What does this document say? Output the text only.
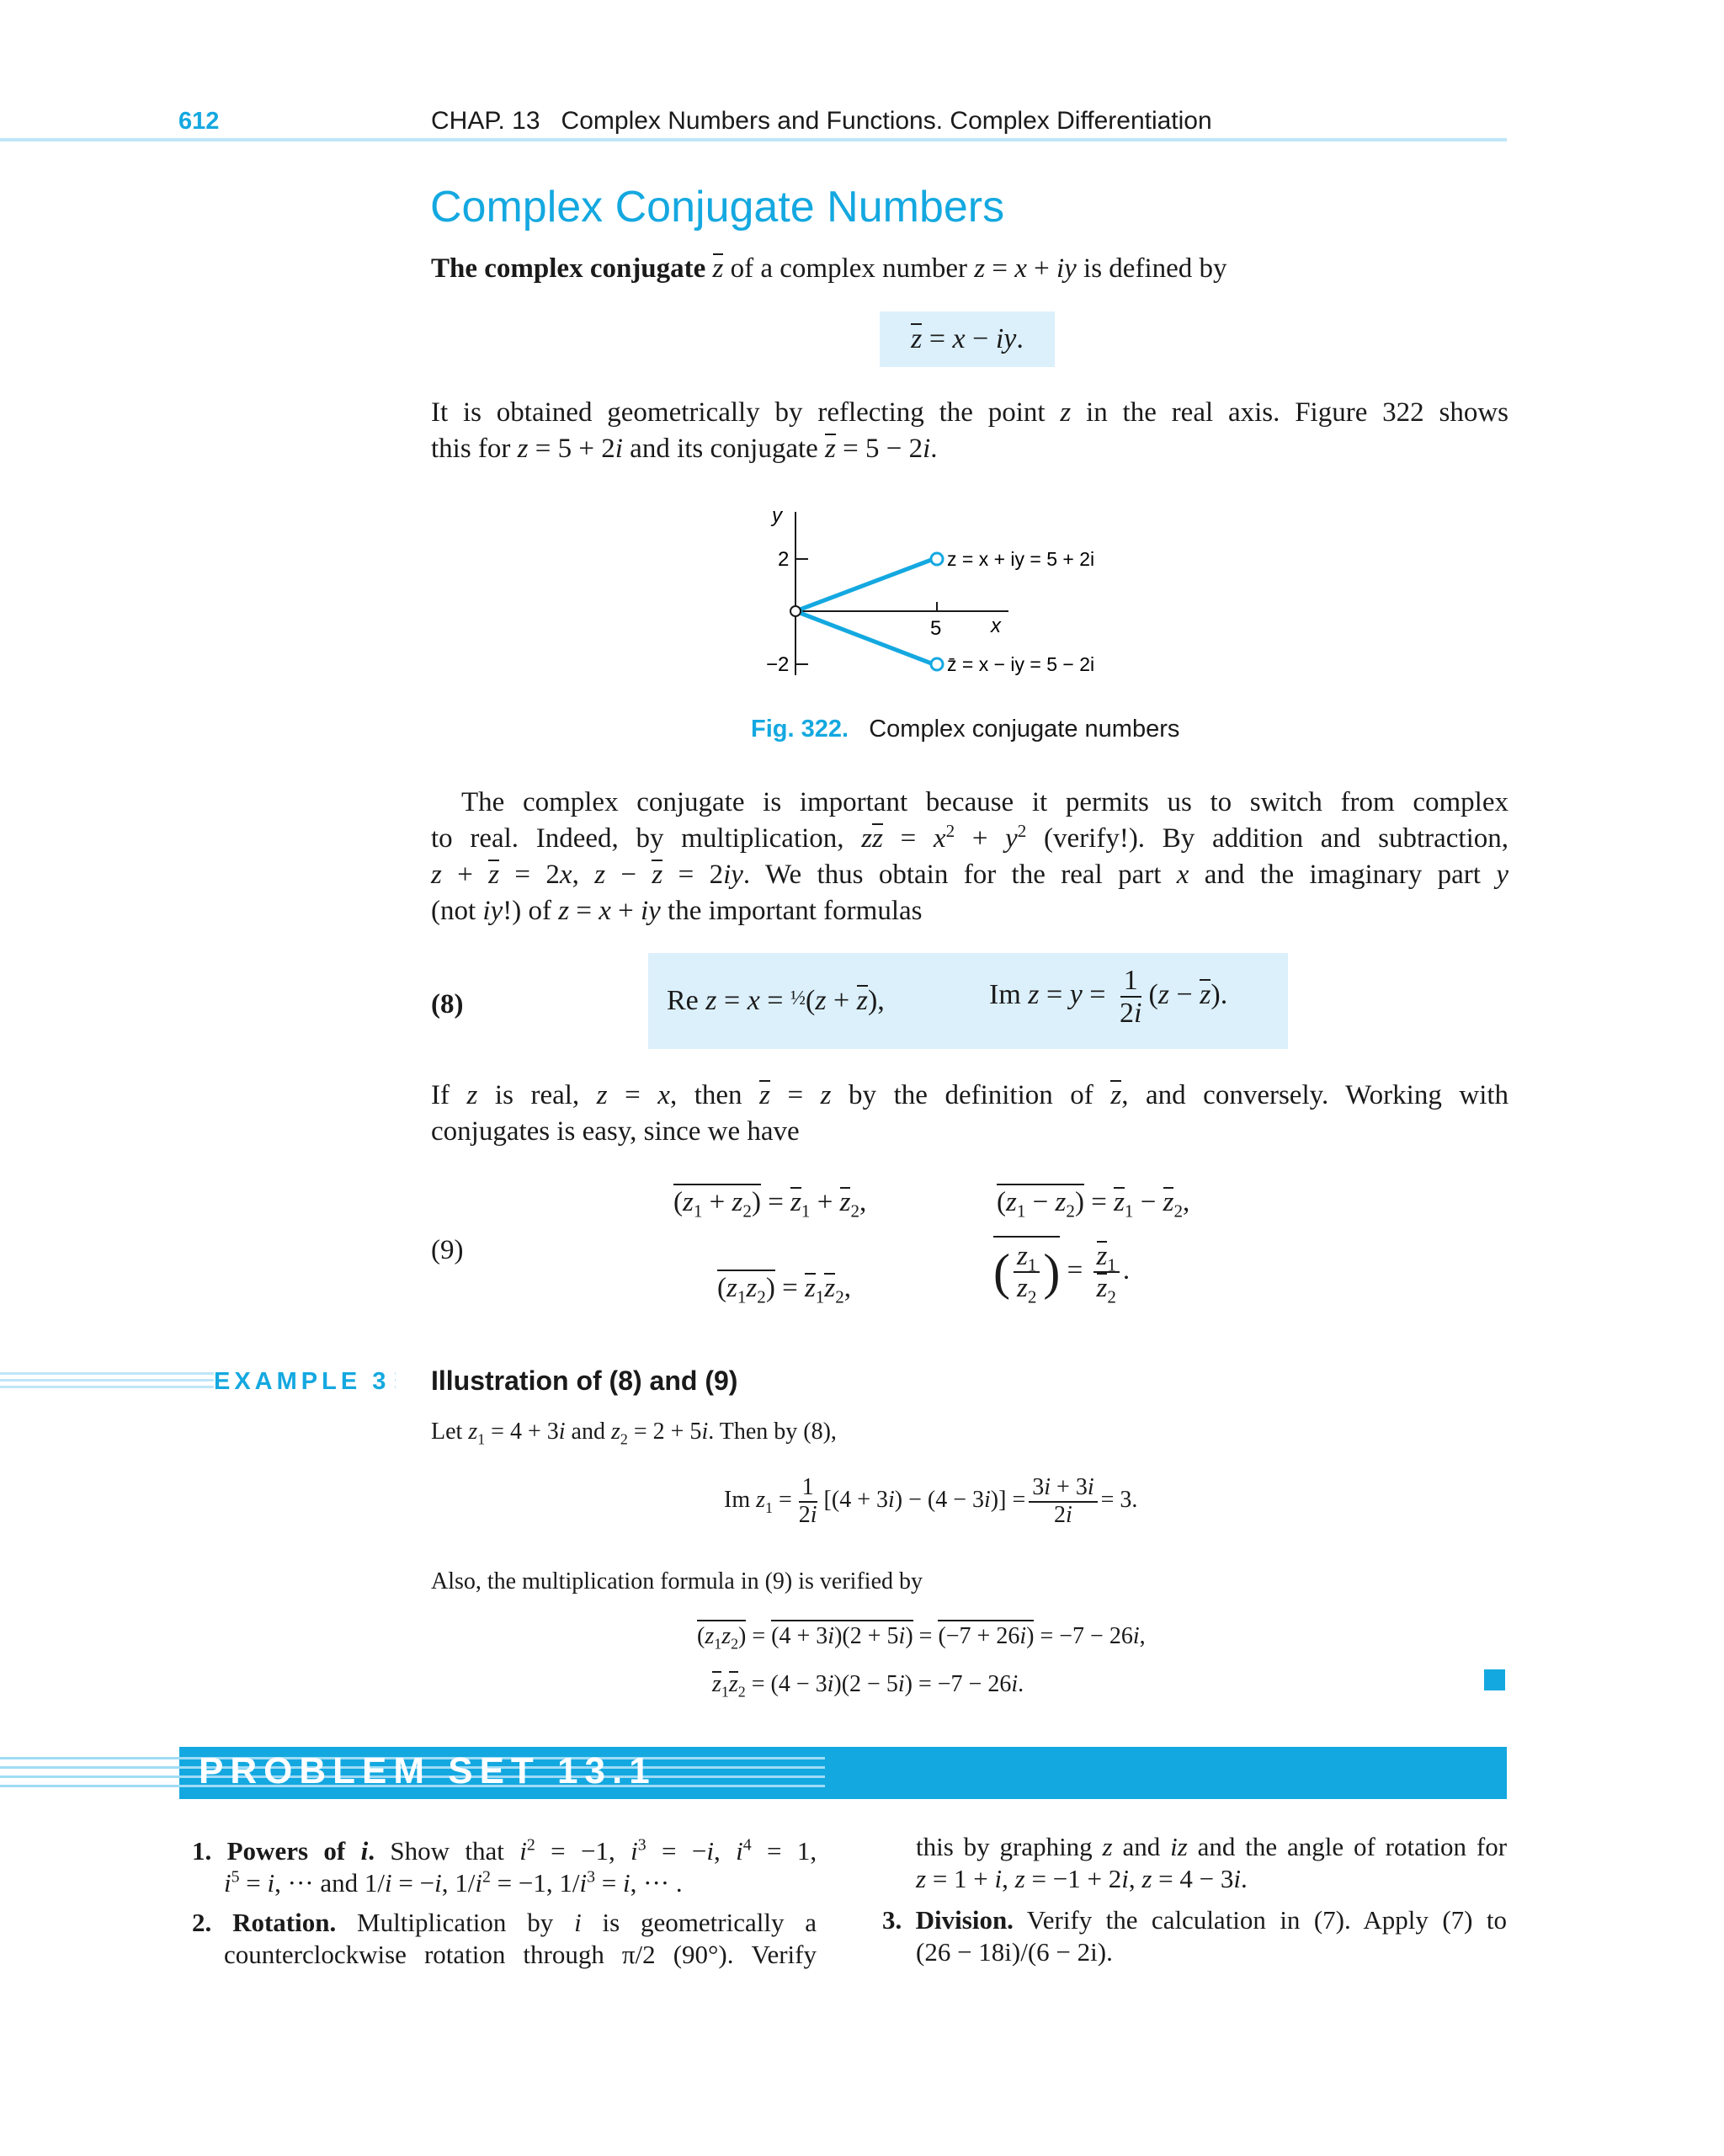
612	CHAP. 13 Complex Numbers and Functions. Complex Differentiation
Complex Conjugate Numbers
The complex conjugate z of a complex number z = x + iy is defined by
z = x − iy.
It is obtained geometrically by reflecting the point z in the real axis. Figure 322 shows
this for z = 5 + 2i and its conjugate z = 5 − 2i.
y
2
−2
5 x
z = x + iy = 5 + 2i
z̄ = x − iy = 5 − 2i
Fig. 322. Complex conjugate numbers
The complex conjugate is important because it permits us to switch from complex
to real. Indeed, by multiplication, zz = $x^2 + y^2$ (verify!). By addition and subtraction,
z + z = 2x, z − z = 2iy. We thus obtain for the real part x and the imaginary part y
(not iy!) of z = x + iy the important formulas
(8)	Re z = x = ½(z + z),	Im $z = y = \frac{1}{2i} (z - z)$.
If z is real, z = x, then z = z by the definition of z, and conversely. Working with
conjugates is easy, since we have
(9)
$(z_1 + z_2) = z_1 + z_2$,	$(z_1 - z_2) = z_1 - z_2$,
$(z_1z_2) = z_1z_2$,	( $\frac{z_1}{z_2}$ ) = $\frac{z_1}{z_2}$ .
EXAMPLE 3 Illustration of (8) and (9)
Let $z_1 = 4 + 3i$ and $z_2 = 2 + 5i$. Then by (8),
Im $z_1 = \frac{1}{2i} [(4 + 3i) - (4 - 3i)] = \frac{3i + 3i}{2i} = 3$.
Also, the multiplication formula in (9) is verified by
$(z_1z_2) = (4 + 3i)(2 + 5i) = (-7 + 26i) = -7 - 26i$,
$z_1z_2 = (4 - 3i)(2 - 5i) = -7 - 26i$.
PROBLEM SET 13.1
1. Powers of i. Show that $i^2 = -1$, $i^3 = -i$, $i^4 = 1$,
$i^5 = i$, ··· and 1/i = −i, $1/i^2 = -1$, $1/i^3 = i$, ··· .
2. Rotation. Multiplication by i is geometrically a
counterclockwise rotation through π/2 (90°). Verify
this by graphing z and iz and the angle of rotation for
z = 1 + i, z = −1 + 2i, z = 4 − 3i.
3. Division. Verify the calculation in (7). Apply (7) to
(26 − 18i)/(6 − 2i).
